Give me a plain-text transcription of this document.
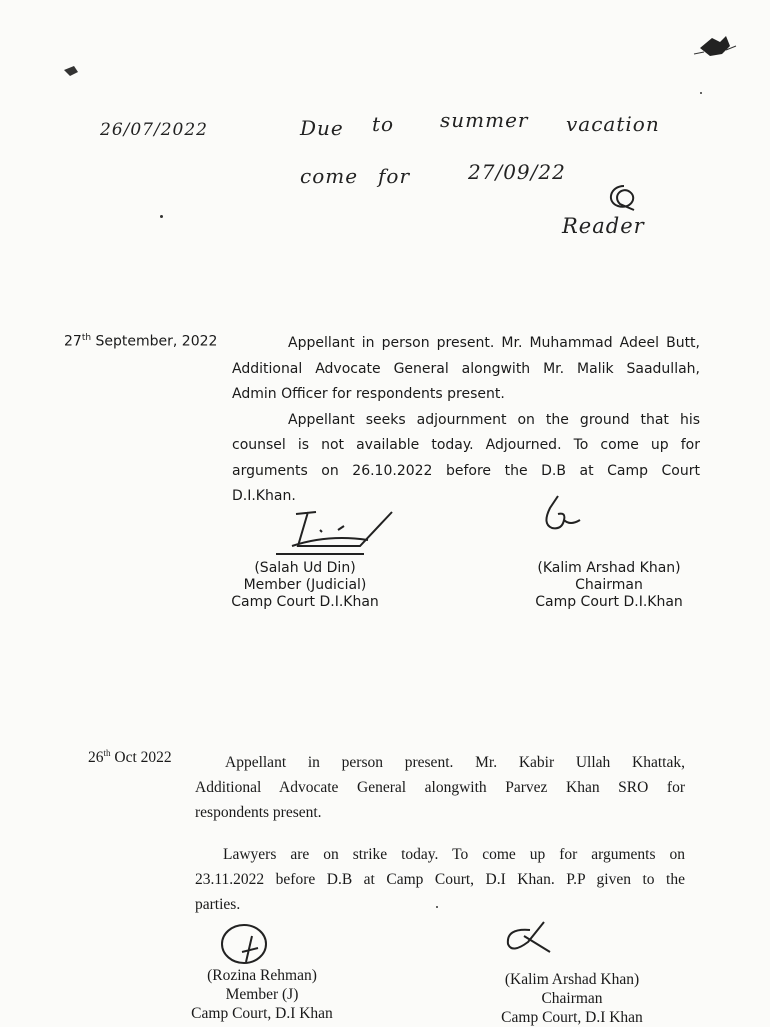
26/07/2022	Due to summer vacation
come for	27/09/22
Reader
27th September, 2022	Appellant in person present. Mr. Muhammad Adeel Butt,
Additional Advocate General alongwith Mr. Malik Saadullah,
Admin Officer for respondents present.
Appellant seeks adjournment on the ground that his
counsel is not available today. Adjourned. To come up for
arguments on 26.10.2022 before the D.B at Camp Court
D.I.Khan.
(Salah Ud Din)
Member (Judicial)
Camp Court D.I.Khan
(Kalim Arshad Khan)
Chairman
Camp Court D.I.Khan
26th Oct 2022	Appellant in person present. Mr. Kabir Ullah Khattak,
Additional Advocate General alongwith Parvez Khan SRO for
respondents present.
Lawyers are on strike today. To come up for arguments on
23.11.2022 before D.B at Camp Court, D.I Khan. P.P given to the
parties.
(Rozina Rehman)
Member (J)
Camp Court, D.I Khan
(Kalim Arshad Khan)
Chairman
Camp Court, D.I Khan
